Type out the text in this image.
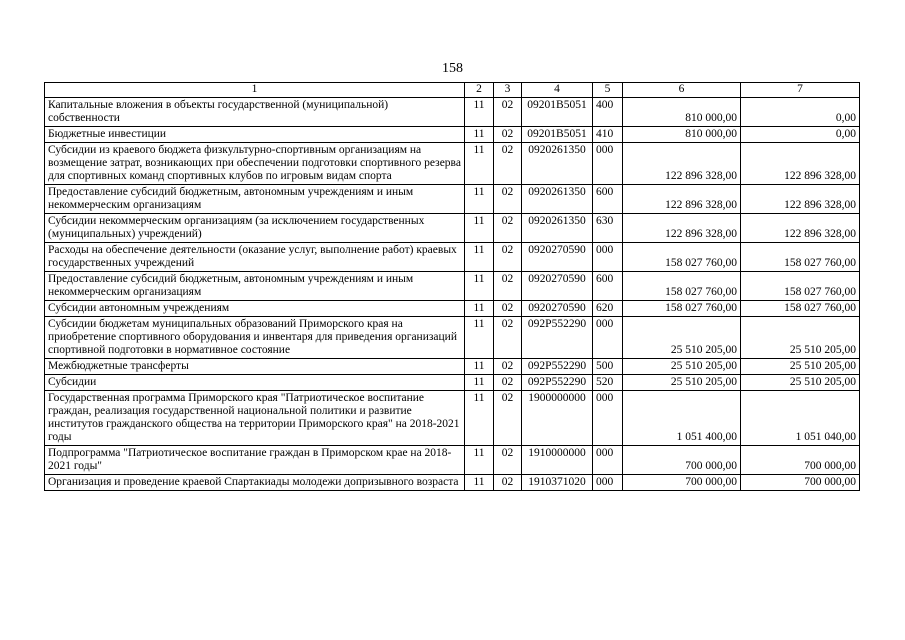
158
1	2	3	4	5	6	7
Капитальные вложения в объекты государственной (муниципальной) собственности	11	02	09201B5051	400	810 000,00	0,00
Бюджетные инвестиции	11	02	09201B5051	410	810 000,00	0,00
Субсидии из краевого бюджета физкультурно-спортивным организациям на возмещение затрат, возникающих при обеспечении подготовки спортивного резерва для спортивных команд спортивных клубов по игровым видам спорта	11	02	0920261350	000	122 896 328,00	122 896 328,00
Предоставление субсидий бюджетным, автономным учреждениям и иным некоммерческим организациям	11	02	0920261350	600	122 896 328,00	122 896 328,00
Субсидии некоммерческим организациям (за исключением государственных (муниципальных) учреждений)	11	02	0920261350	630	122 896 328,00	122 896 328,00
Расходы на обеспечение деятельности (оказание услуг, выполнение работ) краевых государственных учреждений	11	02	0920270590	000	158 027 760,00	158 027 760,00
Предоставление субсидий бюджетным, автономным учреждениям и иным некоммерческим организациям	11	02	0920270590	600	158 027 760,00	158 027 760,00
Субсидии автономным учреждениям	11	02	0920270590	620	158 027 760,00	158 027 760,00
Субсидии бюджетам муниципальных образований Приморского края на приобретение спортивного оборудования и инвентаря для приведения организаций спортивной подготовки в нормативное состояние	11	02	092P552290	000	25 510 205,00	25 510 205,00
Межбюджетные трансферты	11	02	092P552290	500	25 510 205,00	25 510 205,00
Субсидии	11	02	092P552290	520	25 510 205,00	25 510 205,00
Государственная программа Приморского края "Патриотическое воспитание граждан, реализация государственной национальной политики и развитие институтов гражданского общества на территории Приморского края" на 2018-2021 годы	11	02	1900000000	000	1 051 400,00	1 051 040,00
Подпрограмма "Патриотическое воспитание граждан в Приморском крае на 2018-2021 годы"	11	02	1910000000	000	700 000,00	700 000,00
Организация и проведение краевой Спартакиады молодежи допризывного возраста	11	02	1910371020	000	700 000,00	700 000,00
